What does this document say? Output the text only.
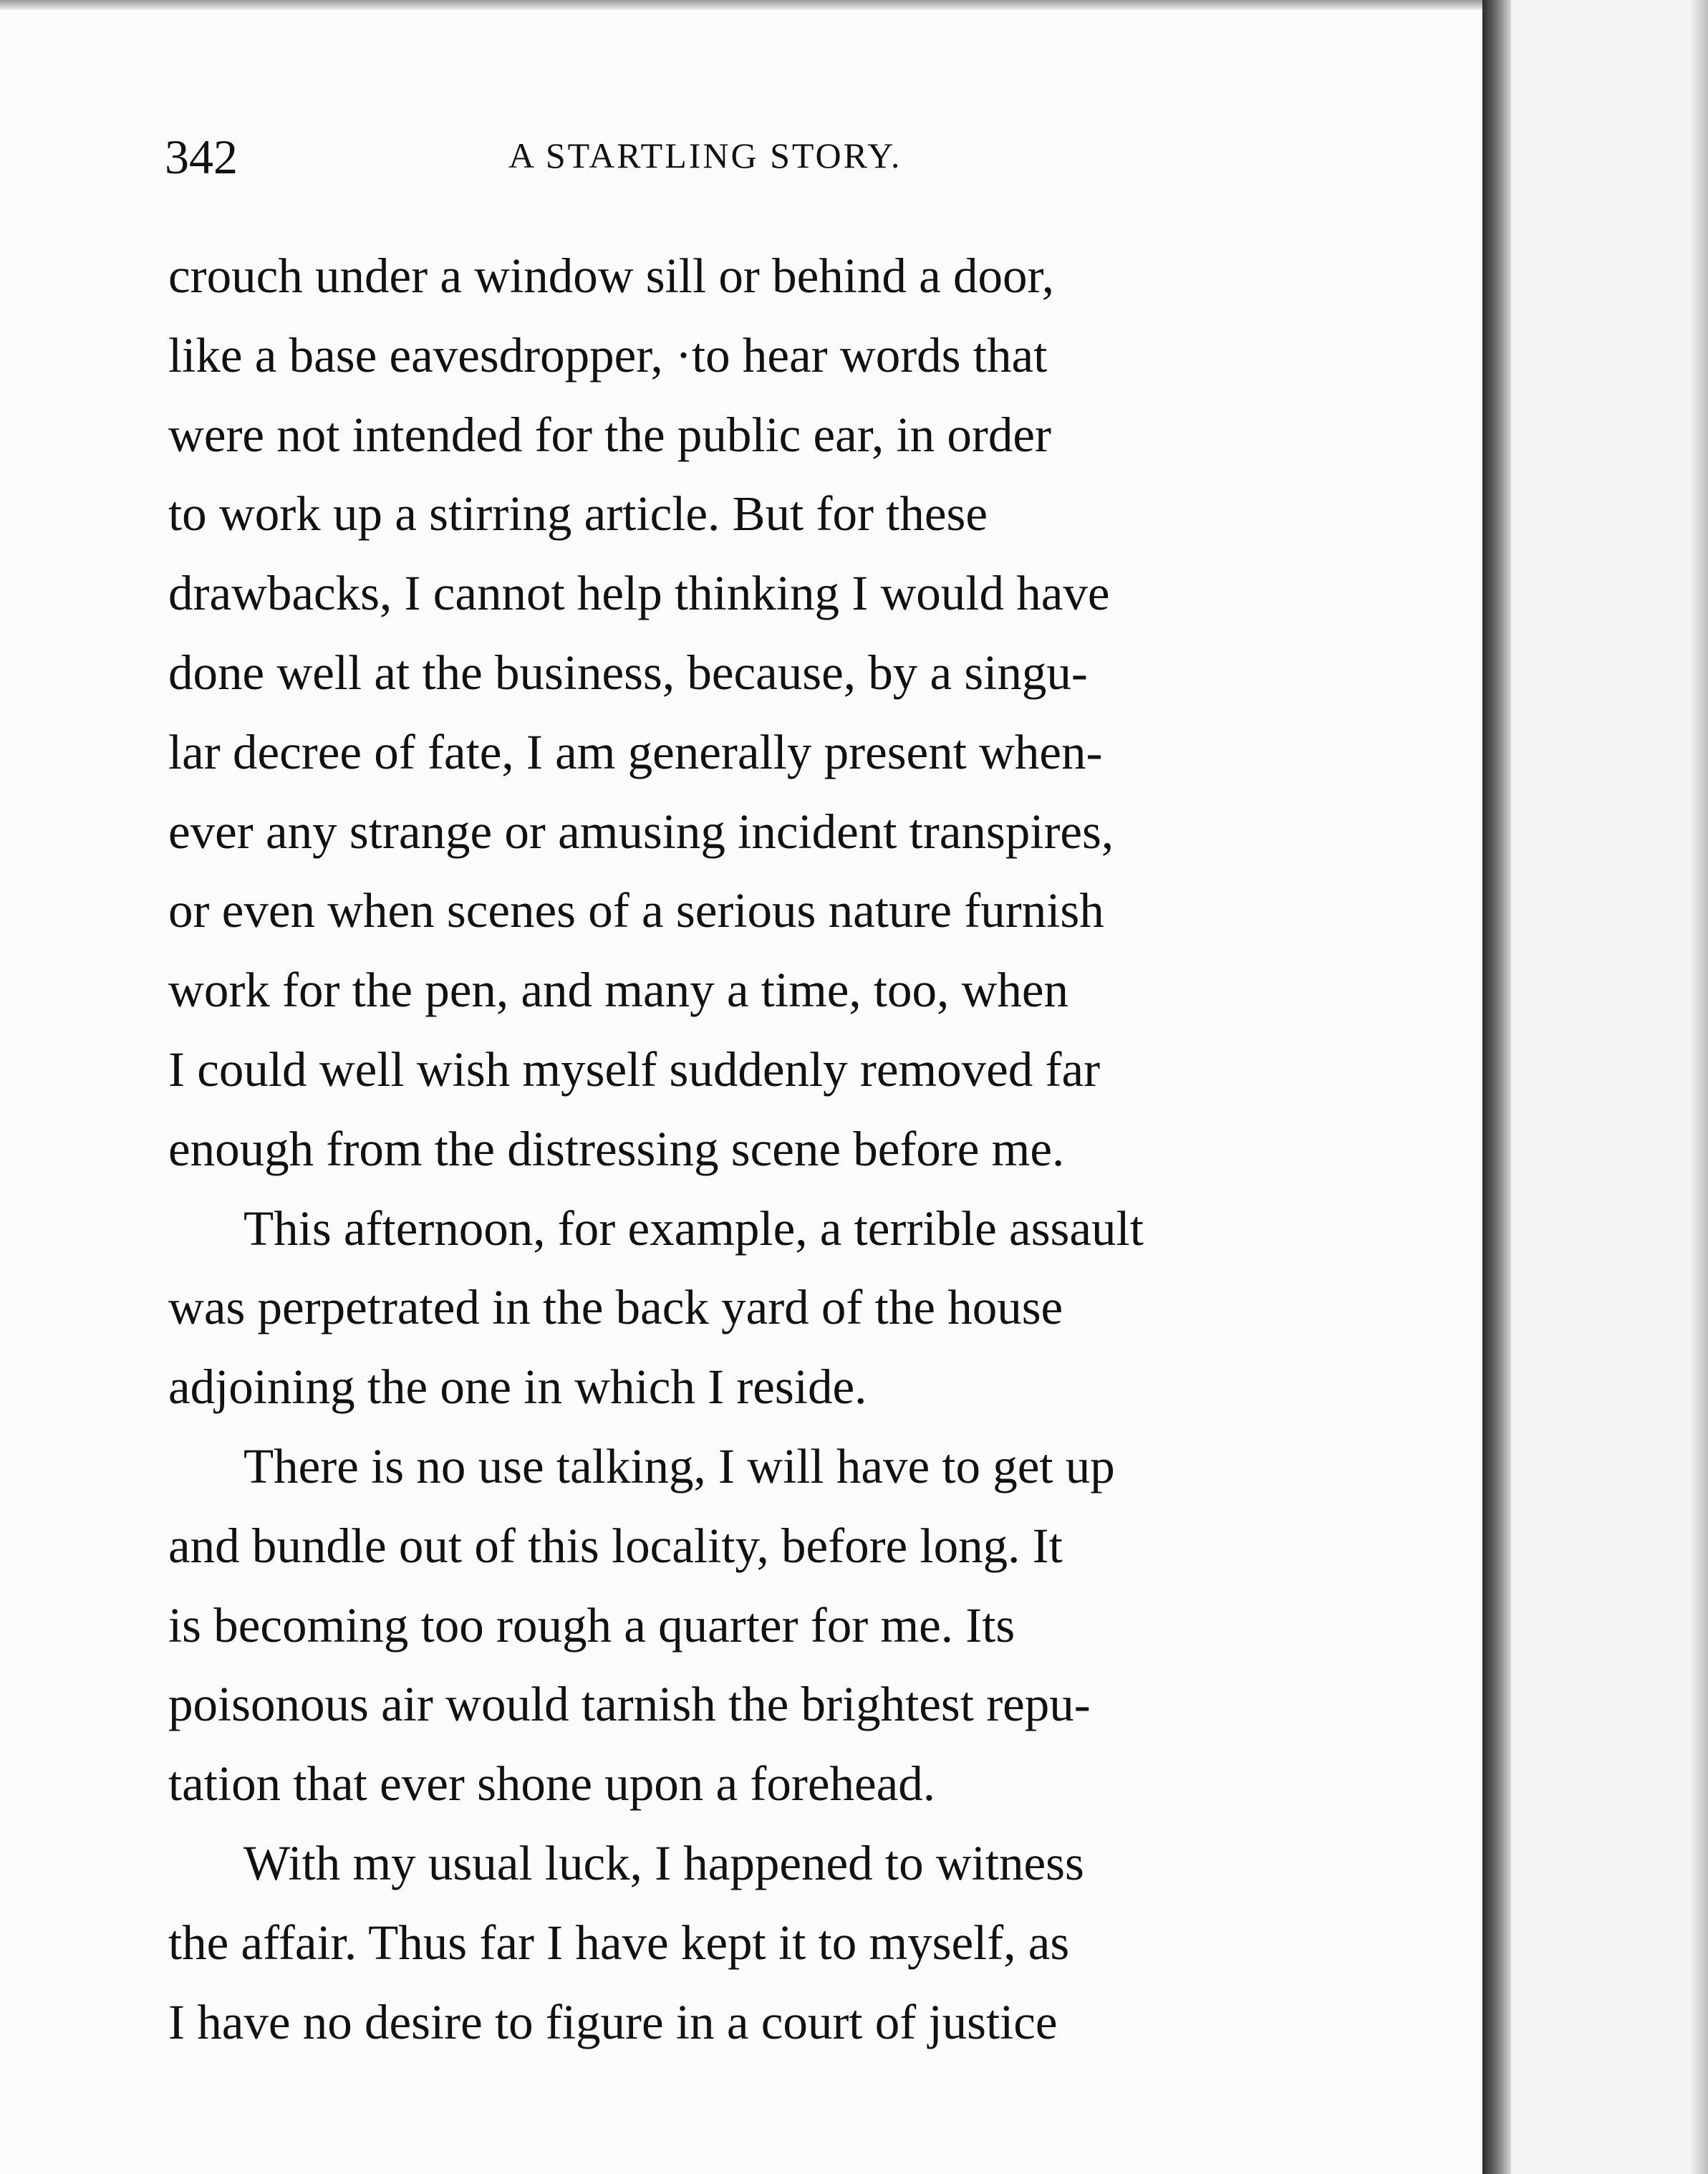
342	A STARTLING STORY.
crouch under a window sill or behind a door,
like a base eavesdropper, ·to hear words that
were not intended for the public ear, in order
to work up a stirring article. But for these
drawbacks, I cannot help thinking I would have
done well at the business, because, by a singu-
lar decree of fate, I am generally present when-
ever any strange or amusing incident transpires,
or even when scenes of a serious nature furnish
work for the pen, and many a time, too, when
I could well wish myself suddenly removed far
enough from the distressing scene before me.
This afternoon, for example, a terrible assault
was perpetrated in the back yard of the house
adjoining the one in which I reside.
There is no use talking, I will have to get up
and bundle out of this locality, before long. It
is becoming too rough a quarter for me. Its
poisonous air would tarnish the brightest repu-
tation that ever shone upon a forehead.
With my usual luck, I happened to witness
the affair. Thus far I have kept it to myself, as
I have no desire to figure in a court of justice
